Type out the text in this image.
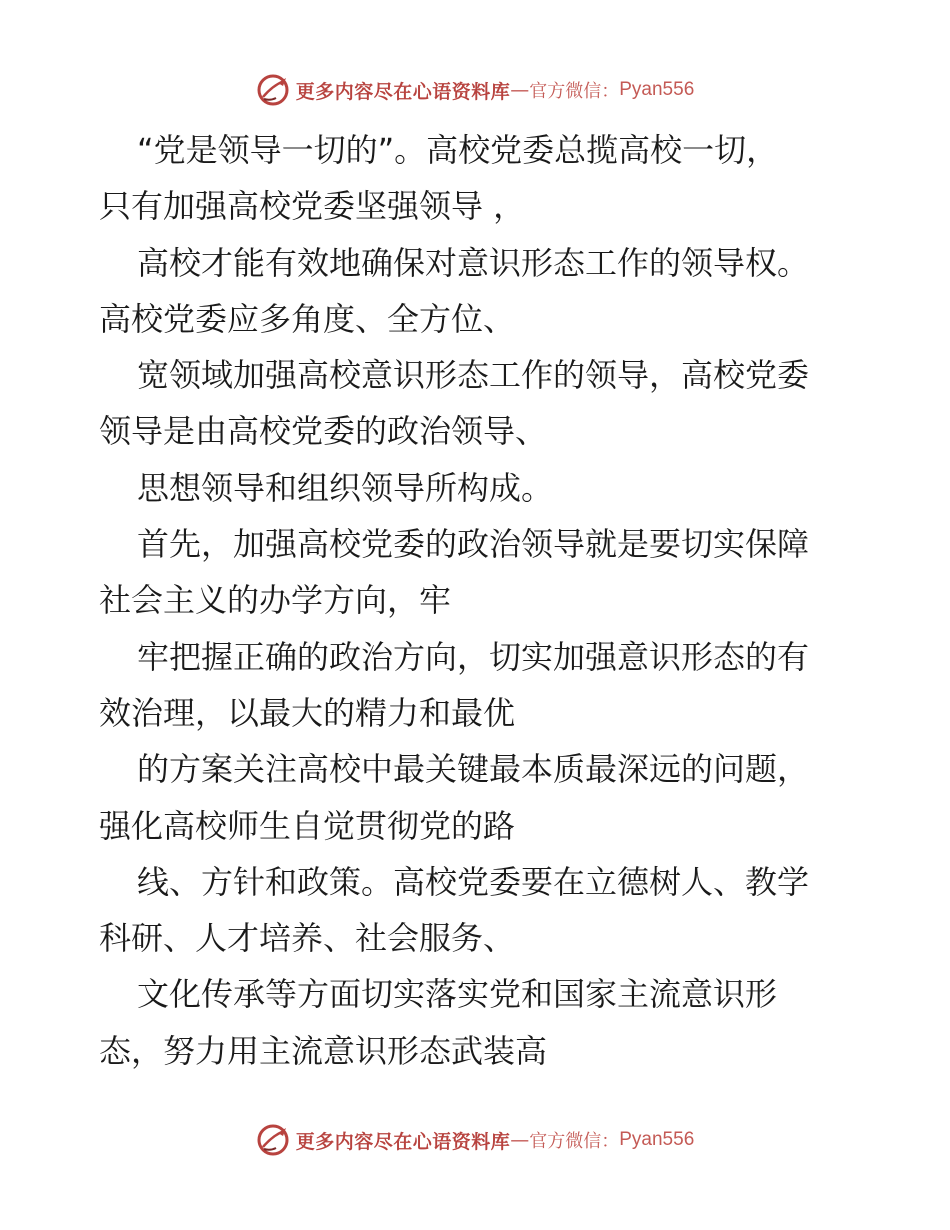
更多内容尽在心语资料库 — 官方微信： Pyan556
“党是领导一切的”。高校党委总揽高校一切，
只有加强高校党委坚强领导 ，
高校才能有效地确保对意识形态工作的领导权。
高校党委应多角度、全方位、
宽领域加强高校意识形态工作的领导，高校党委
领导是由高校党委的政治领导、
思想领导和组织领导所构成。
首先，加强高校党委的政治领导就是要切实保障
社会主义的办学方向，牢
牢把握正确的政治方向，切实加强意识形态的有
效治理，以最大的精力和最优
的方案关注高校中最关键最本质最深远的问题，
强化高校师生自觉贯彻党的路
线、方针和政策。高校党委要在立德树人、教学
科研、人才培养、社会服务、
文化传承等方面切实落实党和国家主流意识形
态，努力用主流意识形态武装高
更多内容尽在心语资料库 — 官方微信： Pyan556
